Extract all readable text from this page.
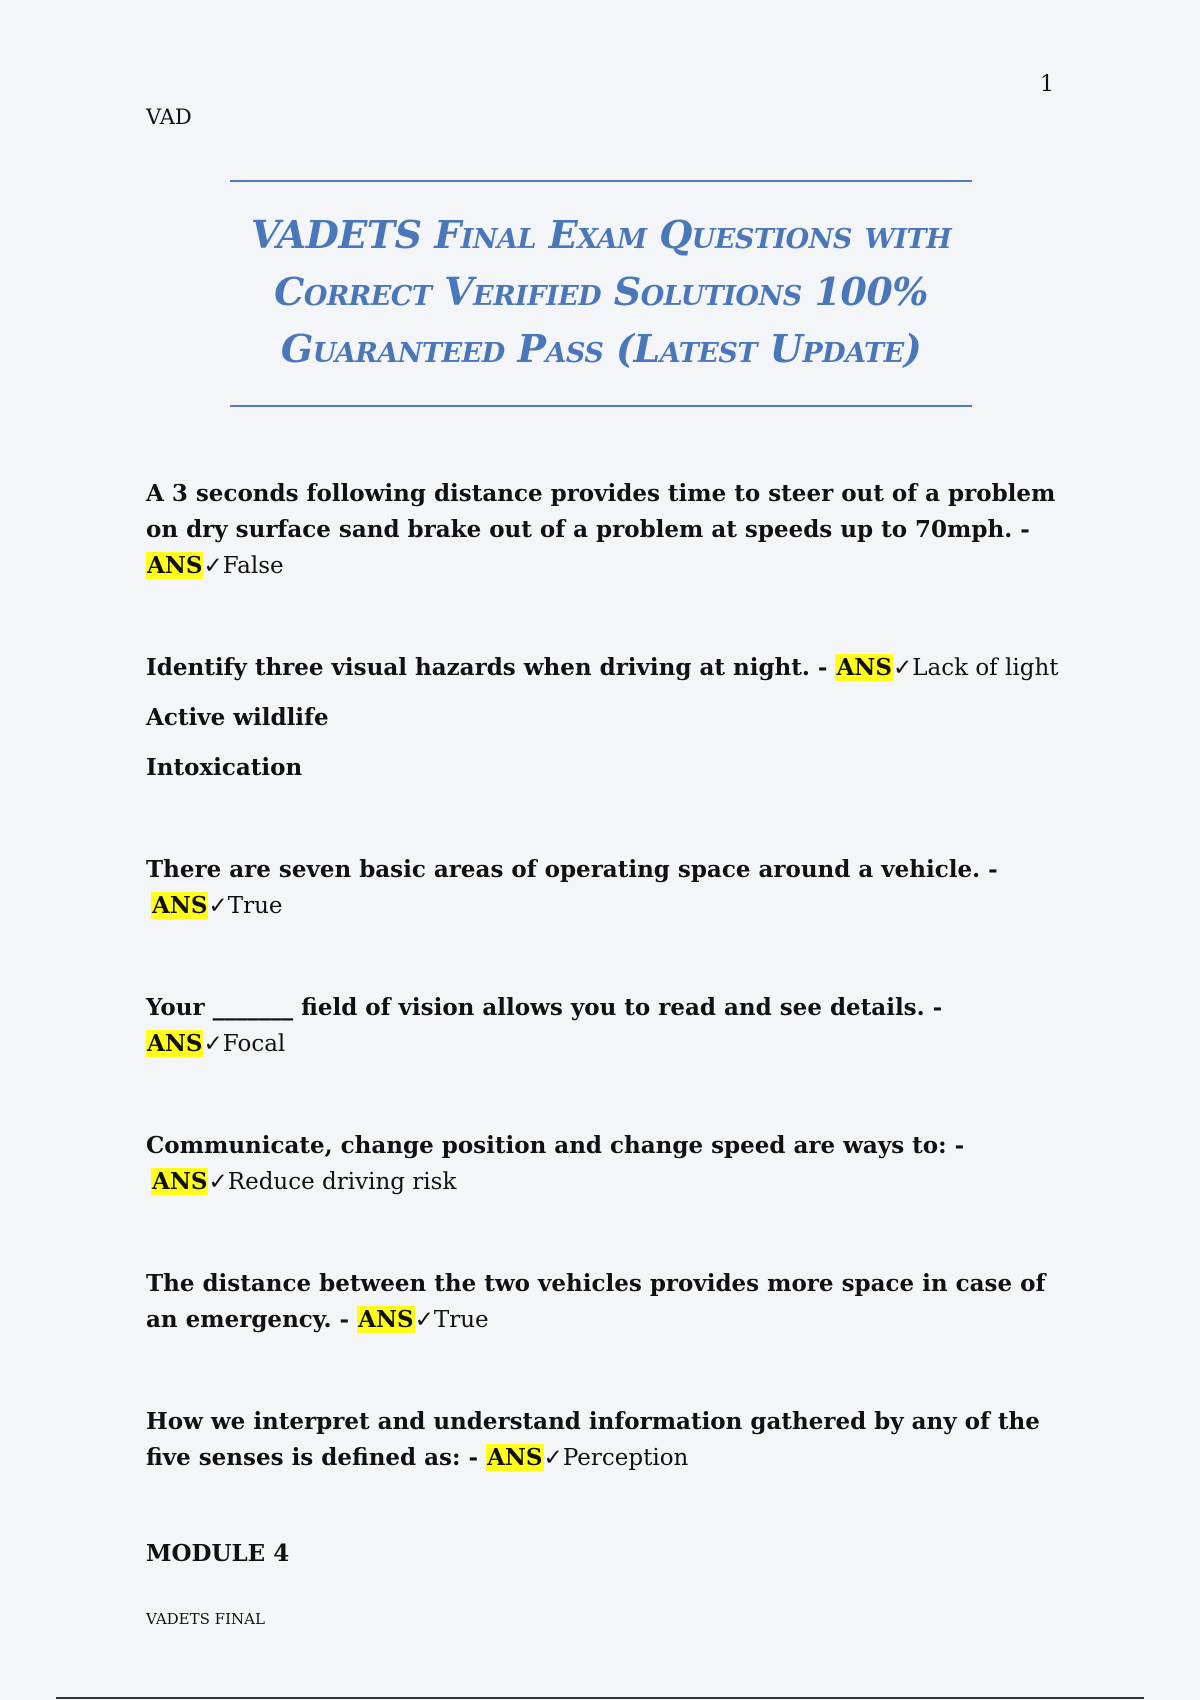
1
VAD
VADETS Final Exam Questions with Correct Verified Solutions 100% Guaranteed Pass (Latest Update)
A 3 seconds following distance provides time to steer out of a problem on dry surface sand brake out of a problem at speeds up to 70mph. - ANS✓False
Identify three visual hazards when driving at night. - ANS✓Lack of light
Active wildlife
Intoxication
There are seven basic areas of operating space around a vehicle. -
ANS✓True
Your _______ field of vision allows you to read and see details. - ANS✓Focal
Communicate, change position and change speed are ways to: -
ANS✓Reduce driving risk
The distance between the two vehicles provides more space in case of an emergency. - ANS✓True
How we interpret and understand information gathered by any of the five senses is defined as: - ANS✓Perception
MODULE 4
VADETS FINAL
